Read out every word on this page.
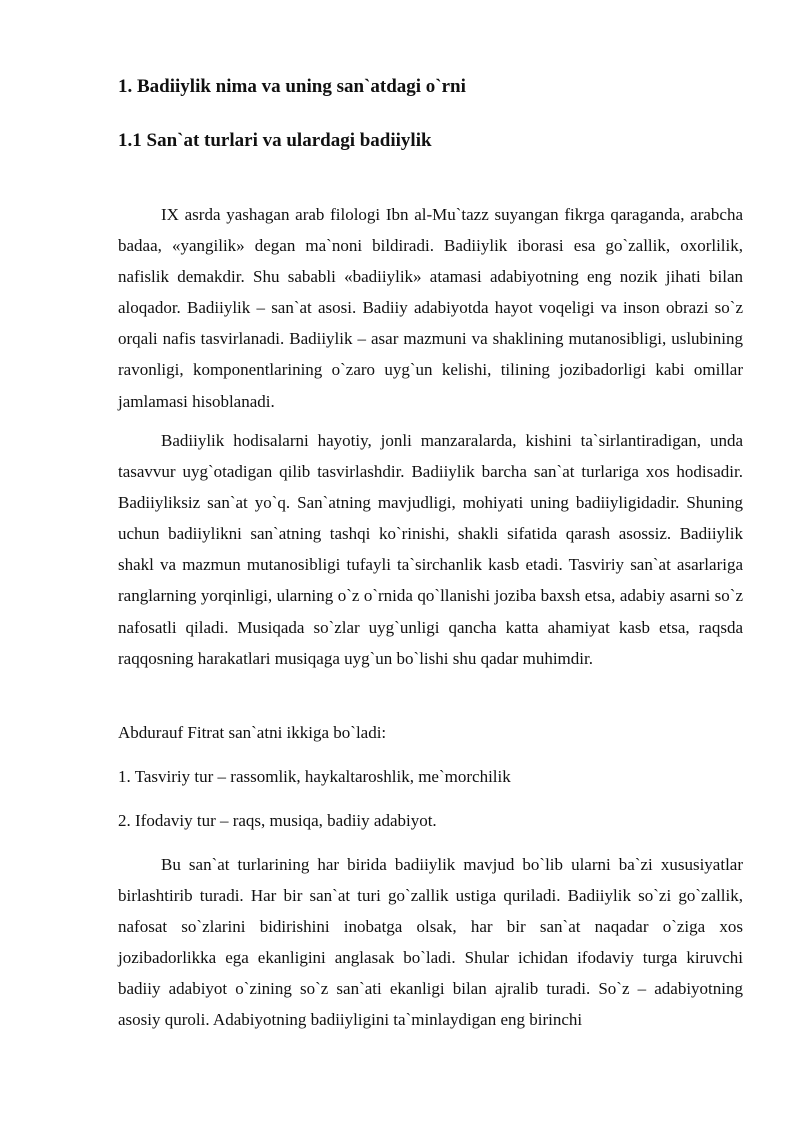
1. Badiiylik nima va uning san`atdagi o`rni
1.1 San`at turlari va ulardagi badiiylik

IX asrda yashagan arab filologi Ibn al-Mu`tazz suyangan fikrga qaraganda, arabcha badaa, «yangilik» degan ma`noni bildiradi. Badiiylik iborasi esa go`zallik, oxorlilik, nafislik demakdir. Shu sababli «badiiylik» atamasi adabiyotning eng nozik jihati bilan aloqador. Badiiylik – san`at asosi. Badiiy adabiyotda hayot voqeligi va inson obrazi so`z orqali nafis tasvirlanadi. Badiiylik – asar mazmuni va shaklining mutanosibligi, uslubining ravonligi, komponentlarining o`zaro uyg`un kelishi, tilining jozibadorligi kabi omillar jamlamasi hisoblanadi.

Badiiylik hodisalarni hayotiy, jonli manzaralarda, kishini ta`sirlantiradigan, unda tasavvur uyg`otadigan qilib tasvirlashdir. Badiiylik barcha san`at turlariga xos hodisadir. Badiiyliksiz san`at yo`q. San`atning mavjudligi, mohiyati uning badiiyligidadir. Shuning uchun badiiylikni san`atning tashqi ko`rinishi, shakli sifatida qarash asossiz. Badiiylik shakl va mazmun mutanosibligi tufayli ta`sirchanlik kasb etadi. Tasviriy san`at asarlariga ranglarning yorqinligi, ularning o`z o`rnida qo`llanishi joziba baxsh etsa, adabiy asarni so`z nafosatli qiladi. Musiqada so`zlar uyg`unligi qancha katta ahamiyat kasb etsa, raqsda raqqosning harakatlari musiqaga uyg`un bo`lishi shu qadar muhimdir.

Abdurauf Fitrat san`atni ikkiga bo`ladi:

1. Tasviriy tur – rassomlik, haykaltaroshlik, me`morchilik

2. Ifodaviy tur – raqs, musiqa, badiiy adabiyot.

Bu san`at turlarining har birida badiiylik mavjud bo`lib ularni ba`zi xususiyatlar birlashtirib turadi. Har bir san`at turi go`zallik ustiga quriladi. Badiiylik so`zi go`zallik, nafosat so`zlarini bidirishini inobatga olsak, har bir san`at naqadar o`ziga xos jozibadorlikka ega ekanligini anglasak bo`ladi. Shular ichidan ifodaviy turga kiruvchi badiiy adabiyot o`zining so`z san`ati ekanligi bilan ajralib turadi. So`z – adabiyotning asosiy quroli. Adabiyotning badiiyligini ta`minlaydigan eng birinchi
